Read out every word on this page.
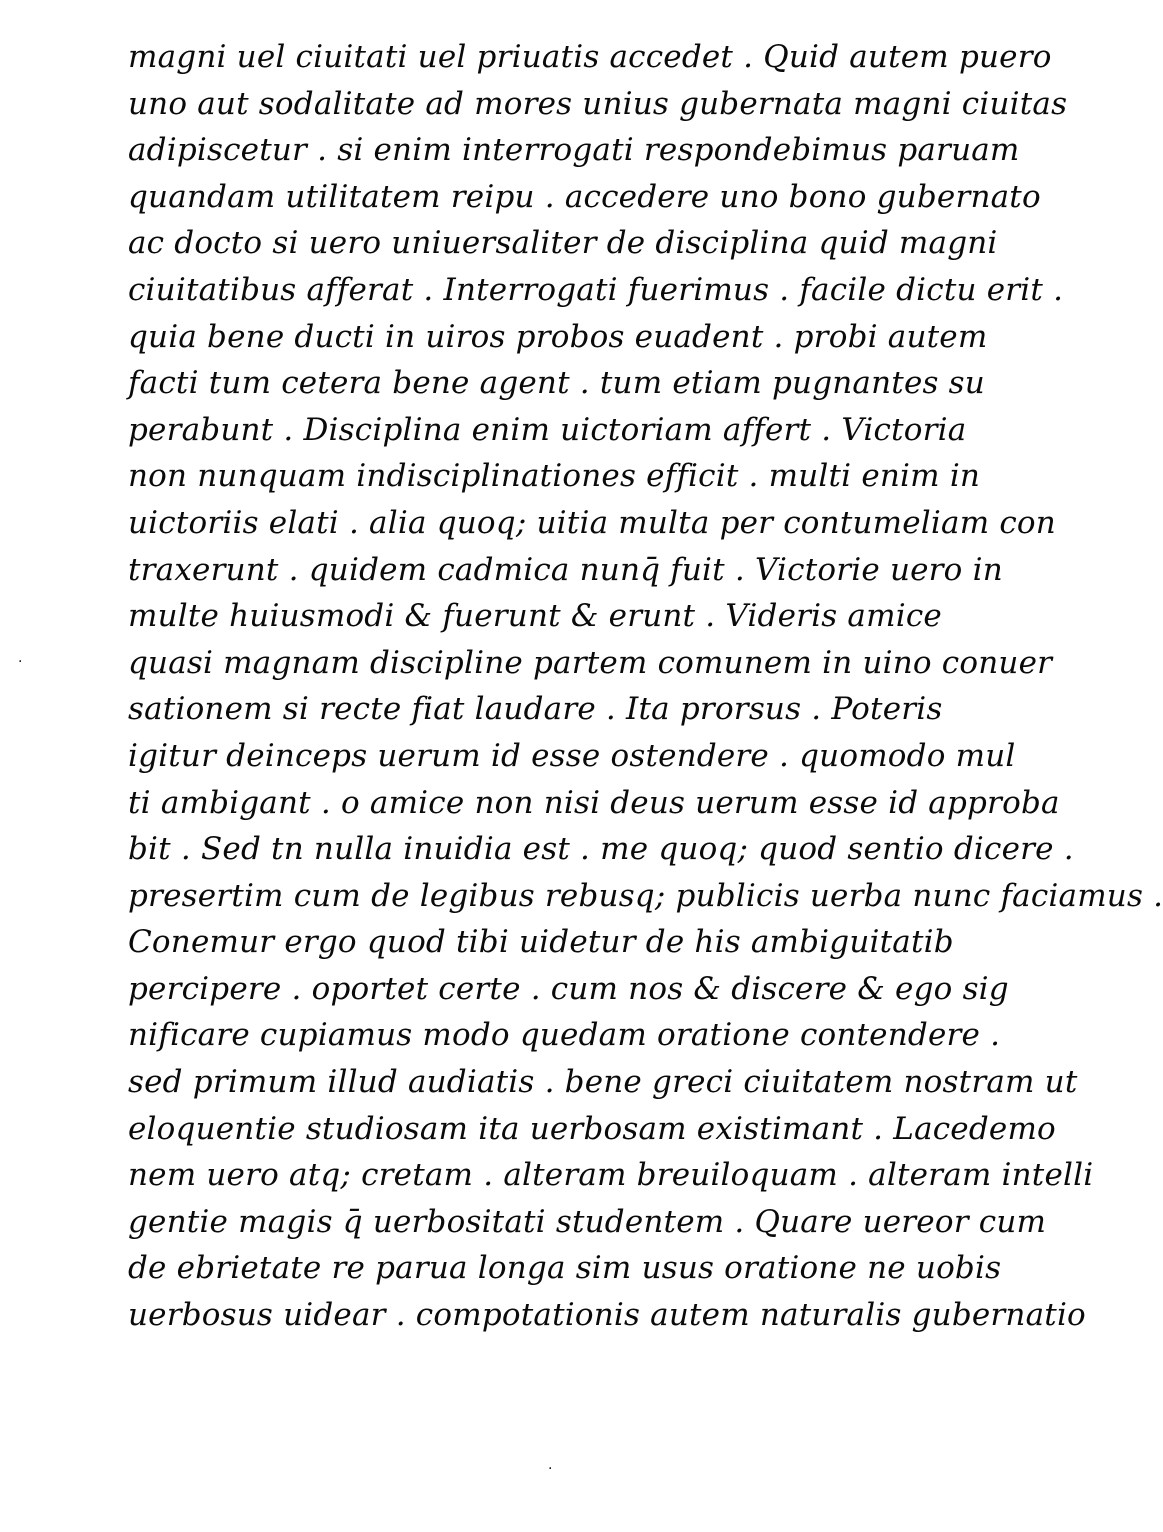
magni uel ciuitati uel priuatis accedet . Quid autem puero
uno aut sodalitate ad mores unius gubernata magni ciuitas
adipiscetur . si enim interrogati respondebimus paruam
quandam utilitatem reipu . accedere uno bono gubernato
ac docto si uero uniuersaliter de disciplina quid magni
ciuitatibus afferat . Interrogati fuerimus . facile dictu erit .
quia bene ducti in uiros probos euadent . probi autem
facti tum cetera bene agent . tum etiam pugnantes su
perabunt . Disciplina enim uictoriam affert . Victoria
non nunquam indisciplinationes efficit . multi enim in
uictoriis elati . alia quoq; uitia multa per contumeliam con
traxerunt . quidem cadmica nunq̄ fuit . Victorie uero in
multe huiusmodi & fuerunt & erunt . Videris amice
quasi magnam discipline partem comunem in uino conuer
sationem si recte fiat laudare . Ita prorsus . Poteris
igitur deinceps uerum id esse ostendere . quomodo mul
ti ambigant . o amice non nisi deus uerum esse id approba
bit . Sed tn nulla inuidia est . me quoq; quod sentio dicere .
presertim cum de legibus rebusq; publicis uerba nunc faciamus .
Conemur ergo quod tibi uidetur de his ambiguitatib
percipere . oportet certe . cum nos & discere & ego sig
nificare cupiamus modo quedam oratione contendere .
sed primum illud audiatis . bene greci ciuitatem nostram ut
eloquentie studiosam ita uerbosam existimant . Lacedemo
nem uero atq; cretam . alteram breuiloquam . alteram intelli
gentie magis q̄ uerbositati studentem . Quare uereor cum
de ebrietate re parua longa sim usus oratione ne uobis
uerbosus uidear . compotationis autem naturalis gubernatio
·
·
